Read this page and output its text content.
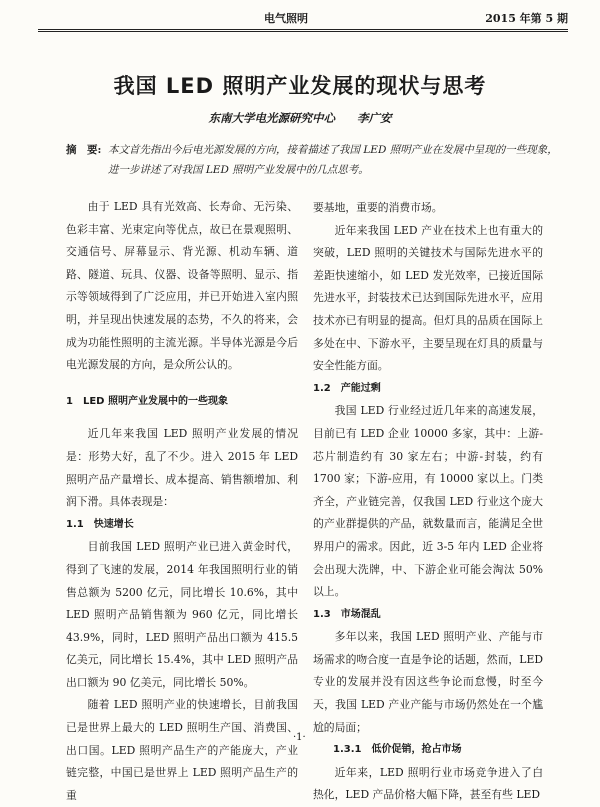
电气照明	2015 年第 5 期
我国 LED 照明产业发展的现状与思考
东南大学电光源研究中心 李广安
摘　要: 本文首先指出今后电光源发展的方向，接着描述了我国 LED 照明产业在发展中呈现的一些现象，进一步讲述了对我国 LED 照明产业发展中的几点思考。

由于 LED 具有光效高、长寿命、无污染、色彩丰富、光束定向等优点，故已在景观照明、交通信号、屏幕显示、背光源、机动车辆、道路、隧道、玩具、仪器、设备等照明、显示、指示等领域得到了广泛应用，并已开始进入室内照明，并呈现出快速发展的态势，不久的将来，会成为功能性照明的主流光源。半导体光源是今后电光源发展的方向，是众所公认的。

1　LED 照明产业发展中的一些现象

近几年来我国 LED 照明产业发展的情况是：形势大好，乱了不少。进入 2015 年 LED 照明产品产量增长、成本提高、销售额增加、利润下滑。具体表现是：

1.1　快速增长

目前我国 LED 照明产业已进入黄金时代，得到了飞速的发展，2014 年我国照明行业的销售总额为 5200 亿元，同比增长 10.6%，其中 LED 照明产品销售额为 960 亿元，同比增长 43.9%，同时，LED 照明产品出口额为 415.5 亿美元，同比增长 15.4%，其中 LED 照明产品出口额为 90 亿美元，同比增长 50%。

随着 LED 照明产业的快速增长，目前我国已是世界上最大的 LED 照明生产国、消费国、出口国。LED 照明产品生产的产能庞大，产业链完整，中国已是世界上 LED 照明产品生产的重

要基地，重要的消费市场。

近年来我国 LED 产业在技术上也有重大的突破，LED 照明的关键技术与国际先进水平的差距快速缩小，如 LED 发光效率，已接近国际先进水平，封装技术已达到国际先进水平，应用技术亦已有明显的提高。但灯具的品质在国际上多处在中、下游水平，主要呈现在灯具的质量与安全性能方面。

1.2　产能过剩

我国 LED 行业经过近几年来的高速发展，目前已有 LED 企业 10000 多家，其中：上游-芯片制造约有 30 家左右；中游-封装，约有 1700 家；下游-应用，有 10000 家以上。门类齐全，产业链完善，仅我国 LED 行业这个庞大的产业群提供的产品，就数量而言，能满足全世界用户的需求。因此，近 3-5 年内 LED 企业将会出现大洗牌，中、下游企业可能会淘汰 50%以上。

1.3　市场混乱

多年以来，我国 LED 照明产业、产能与市场需求的吻合度一直是争论的话题，然而，LED 专业的发展并没有因这些争论而怠慢，时至今天，我国 LED 产业产能与市场仍然处在一个尴尬的局面；

1.3.1　低价促销，抢占市场

近年来，LED 照明行业市场竞争进入了白热化，LED 产品价格大幅下降，甚至有些 LED

·1·
